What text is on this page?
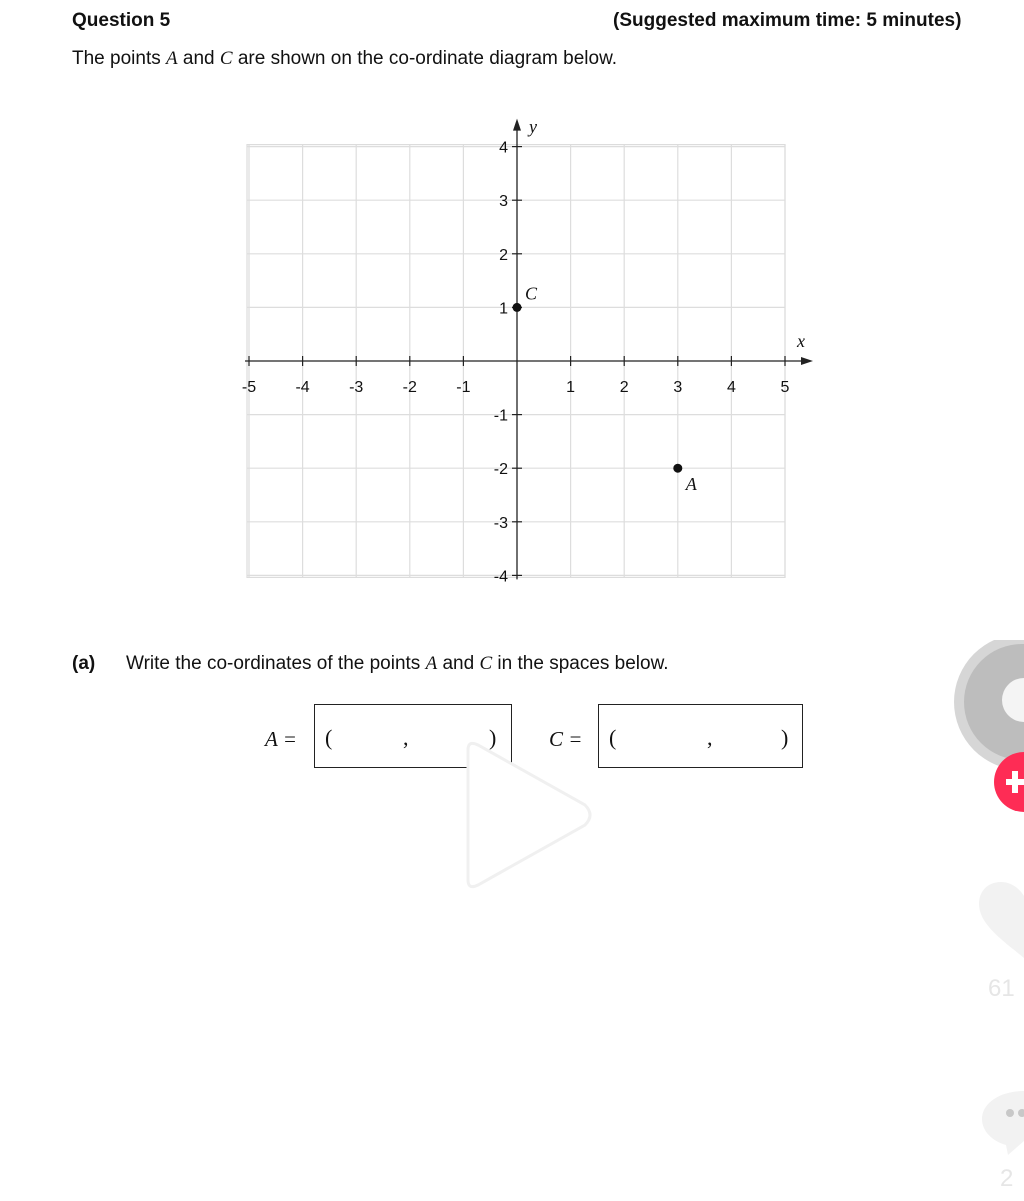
Question 5	(Suggested maximum time: 5 minutes)
The points A and C are shown on the co-ordinate diagram below.
-5 -4 -3 -2 -1	1	2	3	4	5
4
3
2
1
-1
-2
-3
-4
x
y
C
A
(a) Write the co-ordinates of the points A and C in the spaces below.
A = (	,	)	C = (	,	)
61
2
